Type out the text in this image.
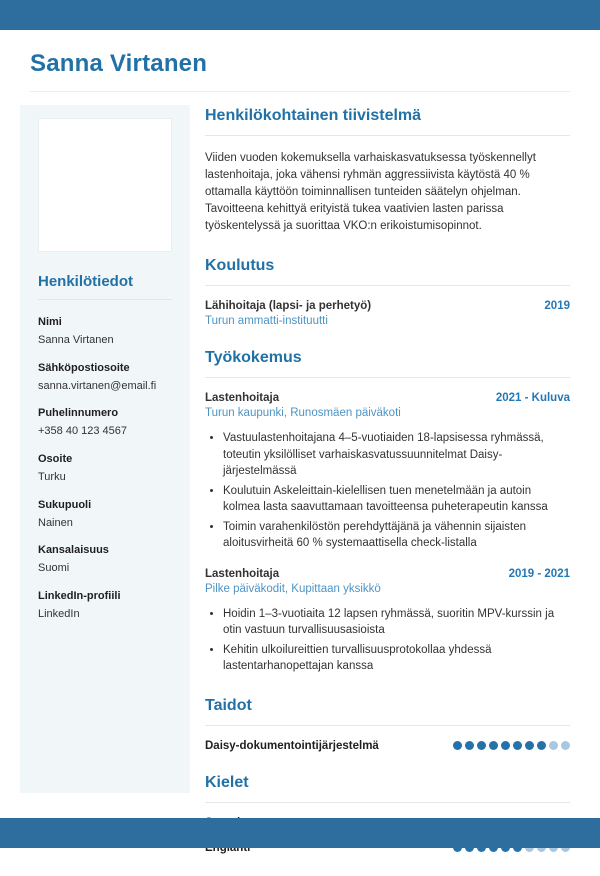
Sanna Virtanen
Henkilötiedot
Nimi
Sanna Virtanen
Sähköpostiosoite
sanna.virtanen@email.fi
Puhelinnumero
+358 40 123 4567
Osoite
Turku
Sukupuoli
Nainen
Kansalaisuus
Suomi
LinkedIn-profiili
LinkedIn
Henkilökohtainen tiivistelmä

Viiden vuoden kokemuksella varhaiskasvatuksessa työskennellyt lastenhoitaja, joka vähensi ryhmän aggressiivista käytöstä 40 % ottamalla käyttöön toiminnallisen tunteiden säätelyn ohjelman. Tavoitteena kehittyä erityistä tukea vaativien lasten parissa työskentelyssä ja suorittaa VKO:n erikoistumisopinnot.

Koulutus
Lähihoitaja (lapsi- ja perhetyö)	2019
Turun ammatti-instituutti
Työkokemus
Lastenhoitaja	2021 - Kuluva
Turun kaupunki, Runosmäen päiväkoti
• Vastuulastenhoitajana 4–5-vuotiaiden 18-lapsisessa ryhmässä, toteutin yksilölliset varhaiskasvatussuunnitelmat Daisy-järjestelmässä
• Koulutuin Askeleittain-kielellisen tuen menetelmään ja autoin kolmea lasta saavuttamaan tavoitteensa puheterapeutin kanssa
• Toimin varahenkilöstön perehdyttäjänä ja vähennin sijaisten aloitusvirheitä 60 % systemaattisella check-listalla
Lastenhoitaja	2019 - 2021
Pilke päiväkodit, Kupittaan yksikkö
• Hoidin 1–3-vuotiaita 12 lapsen ryhmässä, suoritin MPV-kurssin ja otin vastuun turvallisuusasioista
• Kehitin ulkoilureittien turvallisuusprotokollaa yhdessä lastentarhanopettajan kanssa
Taidot
Daisy-dokumentointijärjestelmä
Kielet
